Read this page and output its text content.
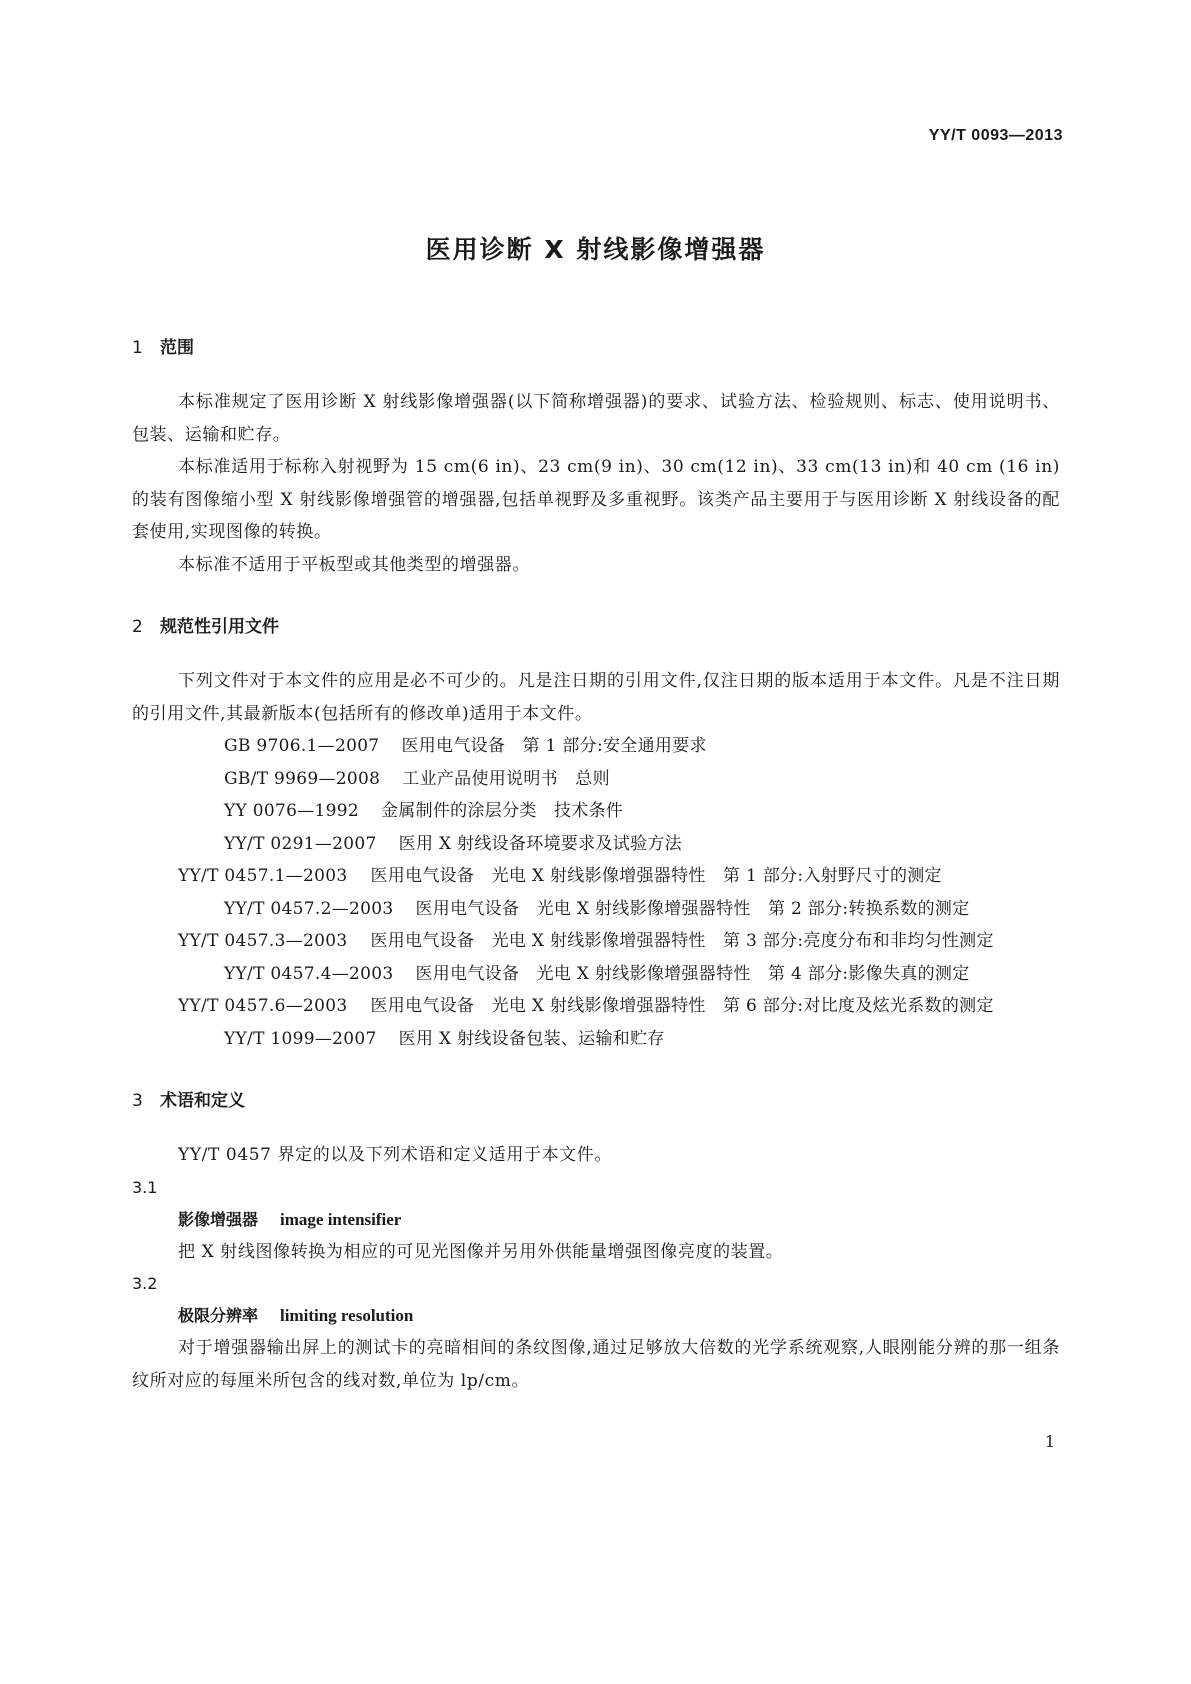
YY/T 0093—2013
医用诊断 X 射线影像增强器
1 范围

本标准规定了医用诊断 X 射线影像增强器(以下简称增强器)的要求、试验方法、检验规则、标志、使用说明书、包装、运输和贮存。

本标准适用于标称入射视野为 15 cm(6 in)、23 cm(9 in)、30 cm(12 in)、33 cm(13 in)和 40 cm (16 in)的装有图像缩小型 X 射线影像增强管的增强器,包括单视野及多重视野。该类产品主要用于与医用诊断 X 射线设备的配套使用,实现图像的转换。

本标准不适用于平板型或其他类型的增强器。

2 规范性引用文件

下列文件对于本文件的应用是必不可少的。凡是注日期的引用文件,仅注日期的版本适用于本文件。凡是不注日期的引用文件,其最新版本(包括所有的修改单)适用于本文件。

GB 9706.1—2007 医用电气设备　第 1 部分:安全通用要求
GB/T 9969—2008 工业产品使用说明书　总则
YY 0076—1992 金属制件的涂层分类　技术条件
YY/T 0291—2007 医用 X 射线设备环境要求及试验方法

YY/T 0457.1—2003　 医用电气设备　光电 X 射线影像增强器特性　第 1 部分:入射野尺寸的测定

YY/T 0457.2—2003 医用电气设备　光电 X 射线影像增强器特性　第 2 部分:转换系数的测定

YY/T 0457.3—2003　 医用电气设备　光电 X 射线影像增强器特性　第 3 部分:亮度分布和非均匀性测定

YY/T 0457.4—2003 医用电气设备　光电 X 射线影像增强器特性　第 4 部分:影像失真的测定

YY/T 0457.6—2003　 医用电气设备　光电 X 射线影像增强器特性　第 6 部分:对比度及炫光系数的测定

YY/T 1099—2007 医用 X 射线设备包装、运输和贮存
3 术语和定义

YY/T 0457 界定的以及下列术语和定义适用于本文件。

3.1
影像增强器 image intensifier

把 X 射线图像转换为相应的可见光图像并另用外供能量增强图像亮度的装置。

3.2
极限分辨率 limiting resolution

对于增强器输出屏上的测试卡的亮暗相间的条纹图像,通过足够放大倍数的光学系统观察,人眼刚能分辨的那一组条纹所对应的每厘米所包含的线对数,单位为 lp/cm。

1
